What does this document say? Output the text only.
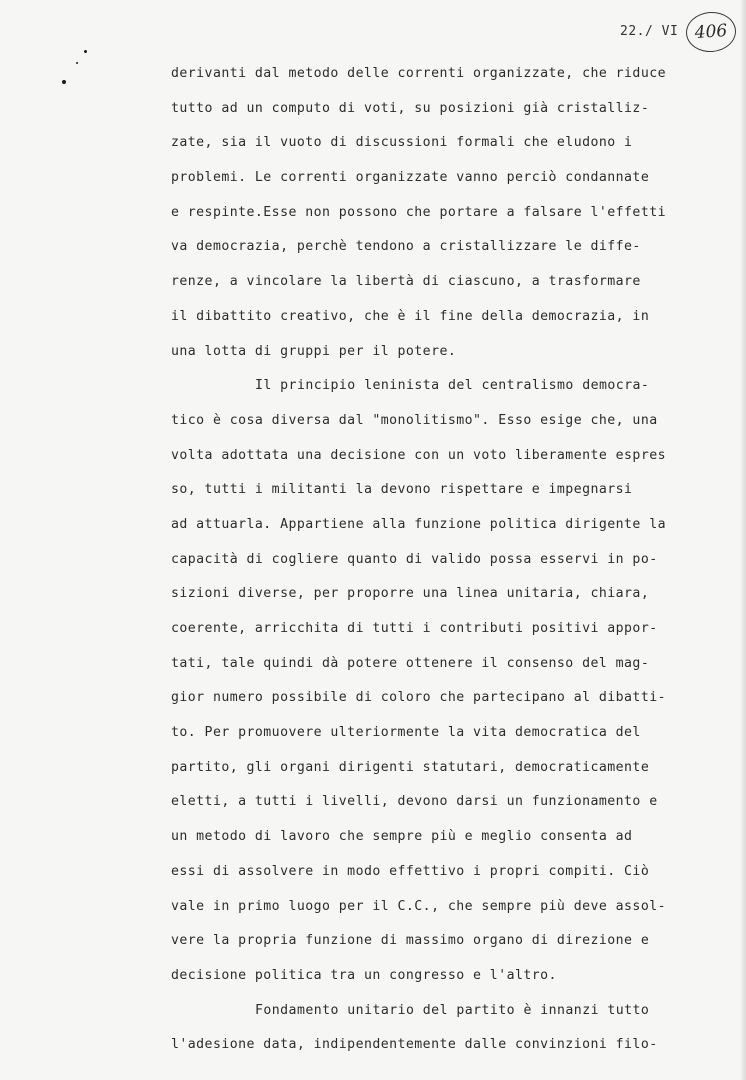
22./ VI 406
derivanti dal metodo delle correnti organizzate, che riduce
tutto ad un computo di voti, su posizioni già cristalliz-
zate, sia il vuoto di discussioni formali che eludono i
problemi. Le correnti organizzate vanno perciò condannate
e respinte.Esse non possono che portare a falsare l'effetti
va democrazia, perchè tendono a cristallizzare le diffe-
renze, a vincolare la libertà di ciascuno, a trasformare
il dibattito creativo, che è il fine della democrazia, in
una lotta di gruppi per il potere.
Il principio leninista del centralismo democra-
tico è cosa diversa dal "monolitismo". Esso esige che, una
volta adottata una decisione con un voto liberamente espres
so, tutti i militanti la devono rispettare e impegnarsi
ad attuarla. Appartiene alla funzione politica dirigente la
capacità di cogliere quanto di valido possa esservi in po-
sizioni diverse, per proporre una linea unitaria, chiara,
coerente, arricchita di tutti i contributi positivi appor-
tati, tale quindi dà potere ottenere il consenso del mag-
gior numero possibile di coloro che partecipano al dibatti-
to. Per promuovere ulteriormente la vita democratica del
partito, gli organi dirigenti statutari, democraticamente
eletti, a tutti i livelli, devono darsi un funzionamento e
un metodo di lavoro che sempre più e meglio consenta ad
essi di assolvere in modo effettivo i propri compiti. Ciò
vale in primo luogo per il C.C., che sempre più deve assol-
vere la propria funzione di massimo organo di direzione e
decisione politica tra un congresso e l'altro.
Fondamento unitario del partito è innanzi tutto
l'adesione data, indipendentemente dalle convinzioni filo-
